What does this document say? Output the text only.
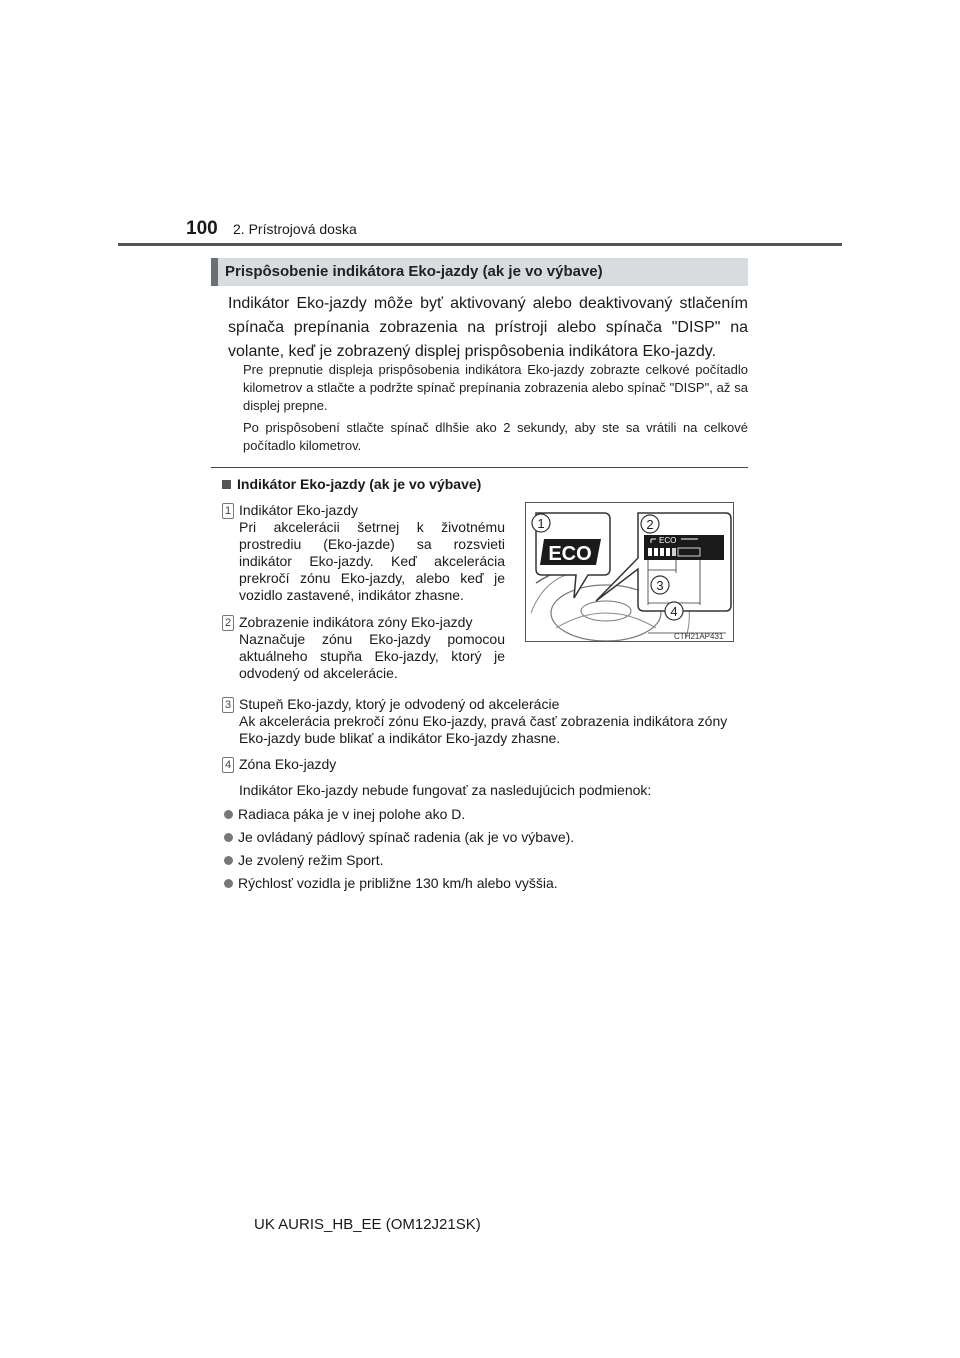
100 2. Prístrojová doska
Prispôsobenie indikátora Eko-jazdy (ak je vo výbave)
Indikátor Eko-jazdy môže byť aktivovaný alebo deaktivovaný stlačením spínača prepínania zobrazenia na prístroji alebo spínača "DISP" na volante, keď je zobrazený displej prispôsobenia indikátora Eko-jazdy.
Pre prepnutie displeja prispôsobenia indikátora Eko-jazdy zobrazte celkové počítadlo kilometrov a stlačte a podržte spínač prepínania zobrazenia alebo spínač "DISP", až sa displej prepne.
Po prispôsobení stlačte spínač dlhšie ako 2 sekundy, aby ste sa vrátili na celkové počítadlo kilometrov.
Indikátor Eko-jazdy (ak je vo výbave)
1 Indikátor Eko-jazdy
Pri akcelerácii šetrnej k životnému prostrediu (Eko-jazde) sa rozsvieti indikátor Eko-jazdy. Keď akcelerácia prekročí zónu Eko-jazdy, alebo keď je vozidlo zastavené, indikátor zhasne.
2 Zobrazenie indikátora zóny Eko-jazdy
Naznačuje zónu Eko-jazdy pomocou aktuálneho stupňa Eko-jazdy, ktorý je odvodený od akcelerácie.
ECO
1	2
ECO
3
4
CTH21AP431
3 Stupeň Eko-jazdy, ktorý je odvodený od akcelerácie
Ak akcelerácia prekročí zónu Eko-jazdy, pravá časť zobrazenia indikátora zóny Eko-jazdy bude blikať a indikátor Eko-jazdy zhasne.
4 Zóna Eko-jazdy
Indikátor Eko-jazdy nebude fungovať za nasledujúcich podmienok:
Radiaca páka je v inej polohe ako D.
Je ovládaný pádlový spínač radenia (ak je vo výbave).
Je zvolený režim Sport.
Rýchlosť vozidla je približne 130 km/h alebo vyššia.
UK AURIS_HB_EE (OM12J21SK)
